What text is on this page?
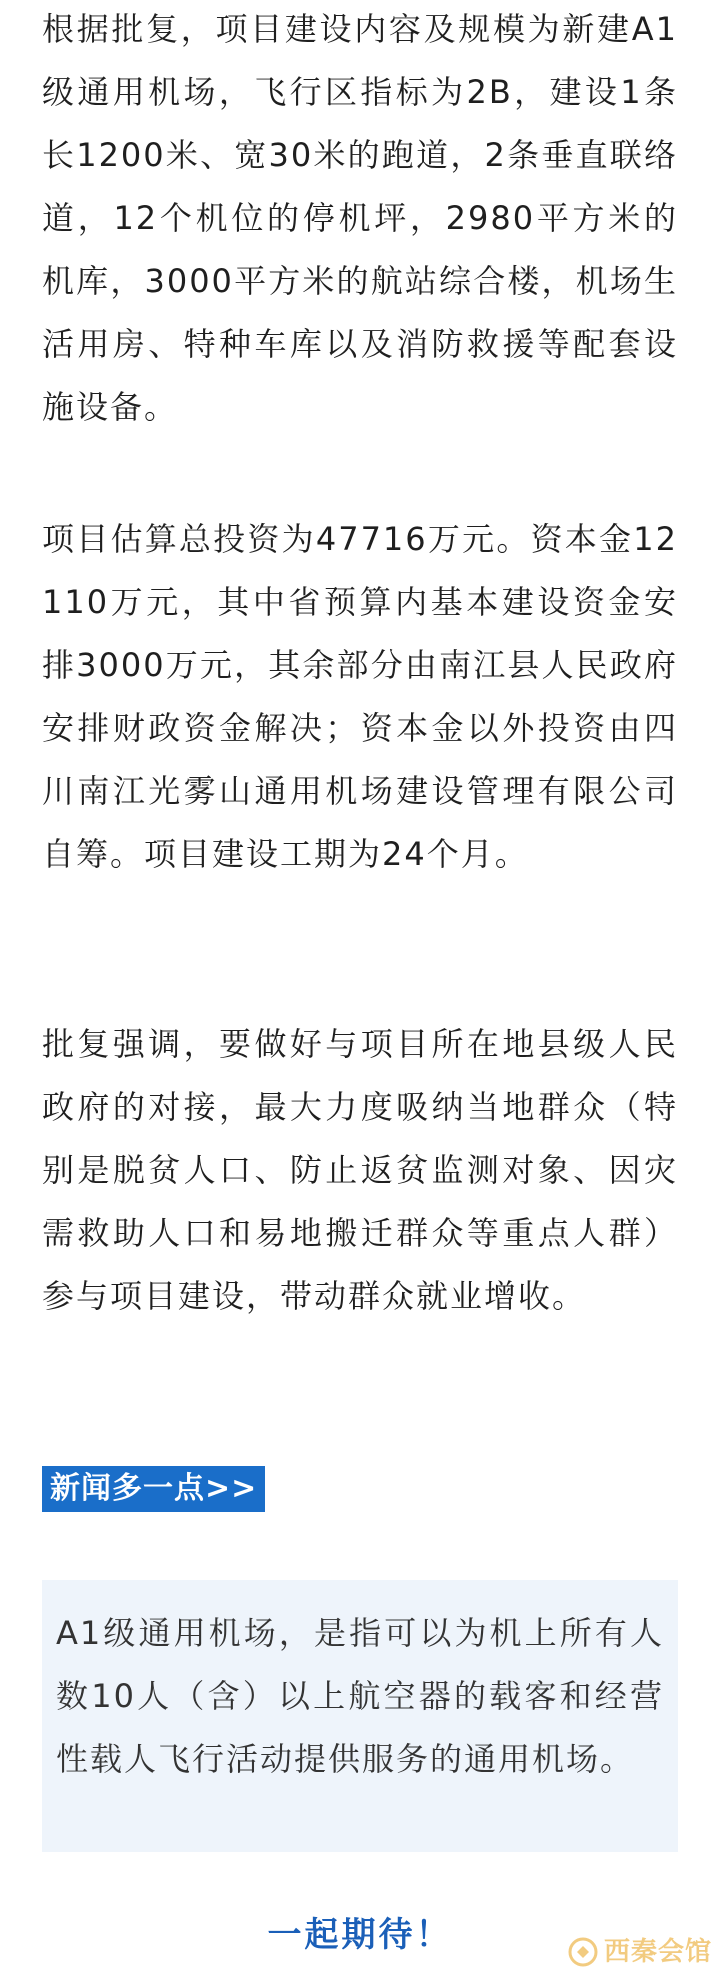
根据批复，项目建设内容及规模为新建A1级通用机场，飞行区指标为2B，建设1条长1200米、宽30米的跑道，2条垂直联络道，12个机位的停机坪，2980平方米的机库，3000平方米的航站综合楼，机场生活用房、特种车库以及消防救援等配套设施设备。

项目估算总投资为47716万元。资本金12110万元，其中省预算内基本建设资金安排3000万元，其余部分由南江县人民政府安排财政资金解决；资本金以外投资由四川南江光雾山通用机场建设管理有限公司自筹。项目建设工期为24个月。

批复强调，要做好与项目所在地县级人民政府的对接，最大力度吸纳当地群众（特别是脱贫人口、防止返贫监测对象、因灾需救助人口和易地搬迁群众等重点人群）参与项目建设，带动群众就业增收。

新闻多一点>>

A1级通用机场，是指可以为机上所有人数10人（含）以上航空器的载客和经营性载人飞行活动提供服务的通用机场。

一起期待！	西秦会馆
